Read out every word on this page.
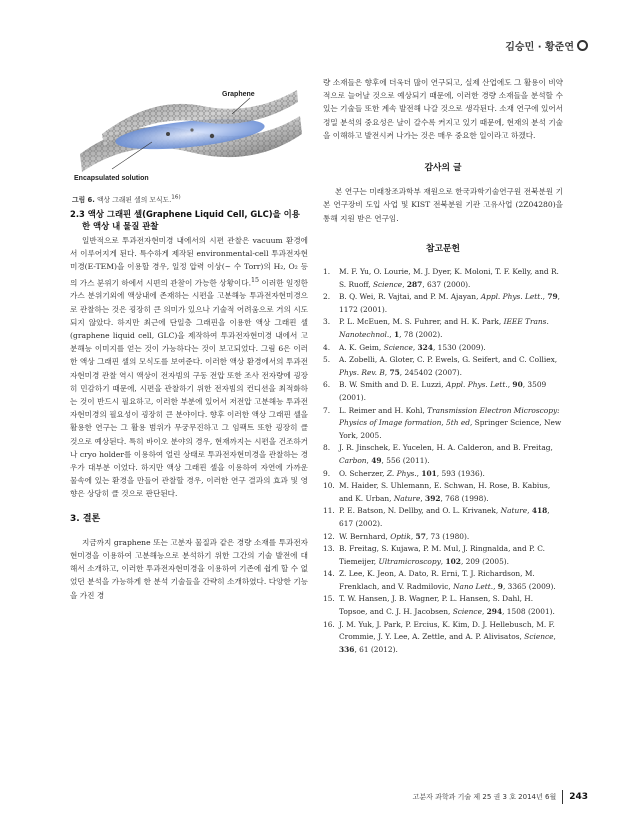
김승민 · 황준연
Graphene
Encapsulated solution
그림 6. 액상 그래핀 셀의 모식도.$^{16)}$
2.3 액상 그래핀 셀(Graphene Liquid Cell, GLC)을 이용
한 액상 내 물질 관찰

일반적으로 투과전자현미경 내에서의 시편 관찰은 vacuum 환경에서 이루어지게 된다. 특수하게 제작된 environmental-cell 투과전자현미경(E-TEM)을 이용할 경우, 일정 압력 이상(~ 수 Torr)의 H₂, O₂ 등의 가스 분위기 하에서 시편의 관찰이 가능한 상황이다.$^{15}$ 이러한 일정한 가스 분위기외에 액상내에 존재하는 시편을 고분해능 투과전자현미경으로 관찰하는 것은 굉장히 큰 의미가 있으나 기술적 어려움으로 거의 시도되지 않았다. 하지만 최근에 단일층 그래핀을 이용한 액상 그래핀 셀(graphene liquid cell, GLC)을 제작하여 투과전자현미경 내에서 고분해능 이미지를 얻는 것이 가능하다는 것이 보고되었다. 그림 6은 이러한 액상 그래핀 셀의 모식도를 보여준다. 이러한 액상 환경에서의 투과전자현미경 관찰 역시 액상이 전자빔의 구동 전압 또한 조사 전자량에 굉장히 민감하기 때문에, 시편을 관찰하기 위한 전자빔의 컨디션을 최적화하는 것이 반드시 필요하고, 이러한 부분에 있어서 저전압 고분해능 투과전자현미경의 필요성이 굉장히 큰 분야이다. 향후 이러한 액상 그래핀 셀을 활용한 연구는 그 활용 범위가 무궁무진하고 그 임팩트 또한 굉장히 클 것으로 예상된다. 특히 바이오 분야의 경우, 현재까지는 시편을 건조하거나 cryo holder를 이용하여 얼린 상태로 투과전자현미경을 관찰하는 경우가 대부분 이었다. 하지만 액상 그래핀 셀을 이용하여 자연에 가까운 물속에 있는 환경을 만들어 관찰할 경우, 이러한 연구 결과의 효과 및 영향은 상당히 클 것으로 판단된다.

3. 결론

지금까지 graphene 또는 고분자 물질과 같은 경량 소재를 투과전자현미경을 이용하여 고분해능으로 분석하기 위한 그간의 기술 발전에 대해서 소개하고, 이러한 투과전자현미경을 이용하여 기존에 쉽게 할 수 없었던 분석을 가능하게 한 분석 기술들을 간략히 소개하였다. 다양한 기능을 가진 경

량 소재들은 향후에 더욱더 많이 연구되고, 실제 산업에도 그 활용이 비약적으로 늘어날 것으로 예상되기 때문에, 이러한 경량 소재들을 분석할 수 있는 기술들 또한 계속 발전해 나갈 것으로 생각된다. 소재 연구에 있어서 정밀 분석의 중요성은 날이 갈수록 커지고 있기 때문에, 현재의 분석 기술을 이해하고 발전시켜 나가는 것은 매우 중요한 일이라고 하겠다.

감사의 글

본 연구는 미래창조과학부 재원으로 한국과학기술연구원 전북분원 기본 연구장비 도입 사업 및 KIST 전북분원 기관 고유사업 (2Z04280)을 통해 지원 받은 연구임.

참고문헌
1. M. F. Yu, O. Lourie, M. J. Dyer, K. Moloni, T. F. Kelly, and R. S. Ruoff, Science, 287, 637 (2000).
2. B. Q. Wei, R. Vajtai, and P. M. Ajayan, Appl. Phys. Lett., 79, 1172 (2001).
3. P. L. McEuen, M. S. Fuhrer, and H. K. Park, IEEE Trans. Nanotechnol., 1, 78 (2002).
4. A. K. Geim, Science, 324, 1530 (2009).
5. A. Zobelli, A. Gloter, C. P. Ewels, G. Seifert, and C. Colliex, Phys. Rev. B, 75, 245402 (2007).
6. B. W. Smith and D. E. Luzzi, Appl. Phys. Lett., 90, 3509 (2001).
7. L. Reimer and H. Kohl, Transmission Electron Microscopy: Physics of Image formation, 5th ed, Springer Science, New York, 2005.
8. J. R. Jinschek, E. Yucelen, H. A. Calderon, and B. Freitag, Carbon, 49, 556 (2011).
9. O. Scherzer, Z. Phys., 101, 593 (1936).
10. M. Haider, S. Uhlemann, E. Schwan, H. Rose, B. Kabius, and K. Urban, Nature, 392, 768 (1998).
11. P. E. Batson, N. Dellby, and O. L. Krivanek, Nature, 418, 617 (2002).
12. W. Bernhard, Optik, 57, 73 (1980).
13. B. Freitag, S. Kujawa, P. M. Mul, J. Ringnalda, and P. C. Tiemeijer, Ultramicroscopy, 102, 209 (2005).
14. Z. Lee, K. Jeon, A. Dato, R. Erni, T. J. Richardson, M. Frenklach, and V. Radmilovic, Nano Lett., 9, 3365 (2009).
15. T. W. Hansen, J. B. Wagner, P. L. Hansen, S. Dahl, H. Topsoe, and C. J. H. Jacobsen, Science, 294, 1508 (2001).
16. J. M. Yuk, J. Park, P. Ercius, K. Kim, D. J. Hellebusch, M. F. Crommie, J. Y. Lee, A. Zettle, and A. P. Alivisatos, Science, 336, 61 (2012).
고분자 과학과 기술 제 25 권 3 호 2014년 6월 243
